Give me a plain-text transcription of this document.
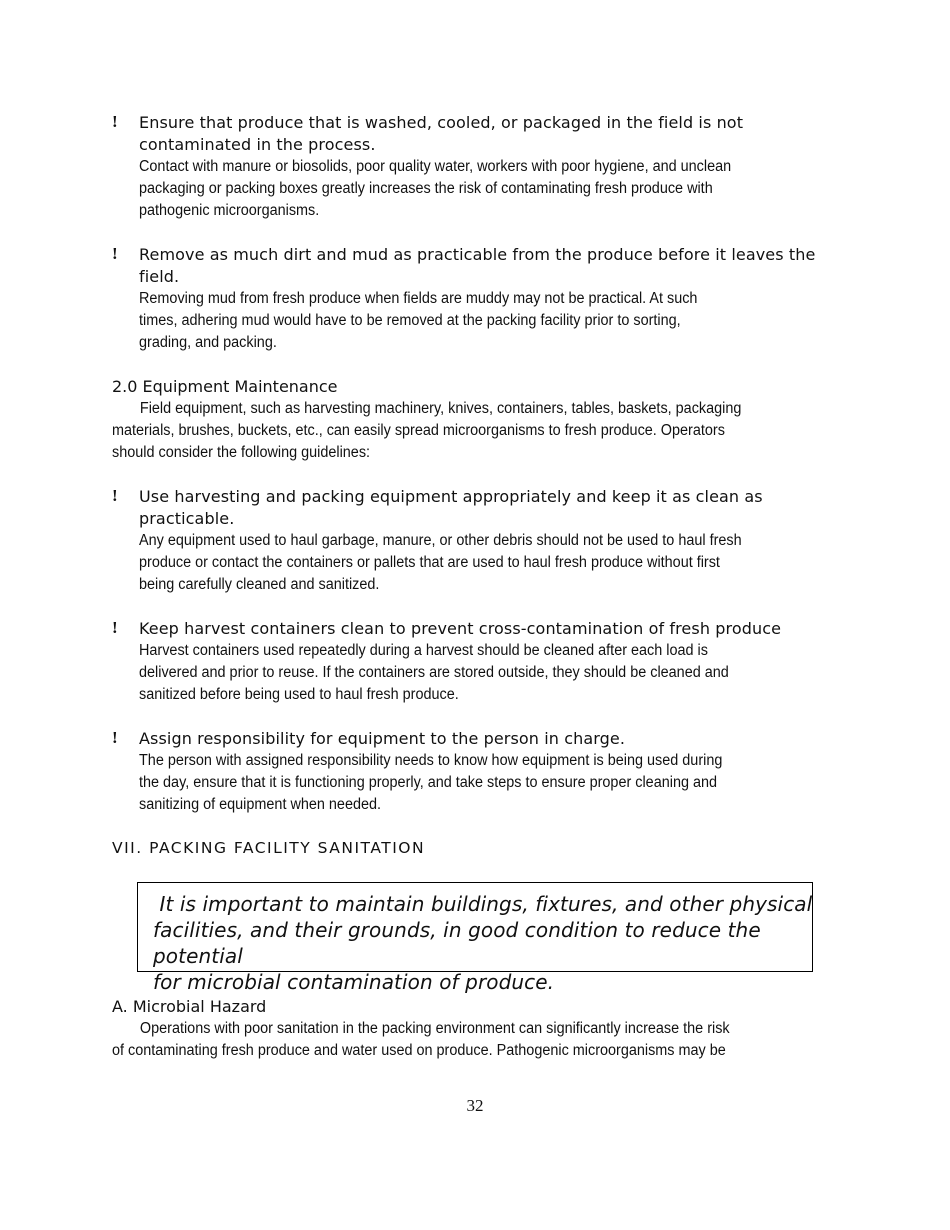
! Ensure that produce that is washed, cooled, or packaged in the field is not
contaminated in the process.
Contact with manure or biosolids, poor quality water, workers with poor hygiene, and unclean
packaging or packing boxes greatly increases the risk of contaminating fresh produce with
pathogenic microorganisms.
! Remove as much dirt and mud as practicable from the produce before it leaves the
field.
Removing mud from fresh produce when fields are muddy may not be practical. At such
times, adhering mud would have to be removed at the packing facility prior to sorting,
grading, and packing.
2.0 Equipment Maintenance
Field equipment, such as harvesting machinery, knives, containers, tables, baskets, packaging
materials, brushes, buckets, etc., can easily spread microorganisms to fresh produce. Operators
should consider the following guidelines:
! Use harvesting and packing equipment appropriately and keep it as clean as
practicable.
Any equipment used to haul garbage, manure, or other debris should not be used to haul fresh
produce or contact the containers or pallets that are used to haul fresh produce without first
being carefully cleaned and sanitized.
! Keep harvest containers clean to prevent cross-contamination of fresh produce
Harvest containers used repeatedly during a harvest should be cleaned after each load is
delivered and prior to reuse. If the containers are stored outside, they should be cleaned and
sanitized before being used to haul fresh produce.
! Assign responsibility for equipment to the person in charge.
The person with assigned responsibility needs to know how equipment is being used during
the day, ensure that it is functioning properly, and take steps to ensure proper cleaning and
sanitizing of equipment when needed.
VII. PACKING FACILITY SANITATION
It is important to maintain buildings, fixtures, and other physical
facilities, and their grounds, in good condition to reduce the potential
for microbial contamination of produce.
A. Microbial Hazard
Operations with poor sanitation in the packing environment can significantly increase the risk
of contaminating fresh produce and water used on produce. Pathogenic microorganisms may be
32
